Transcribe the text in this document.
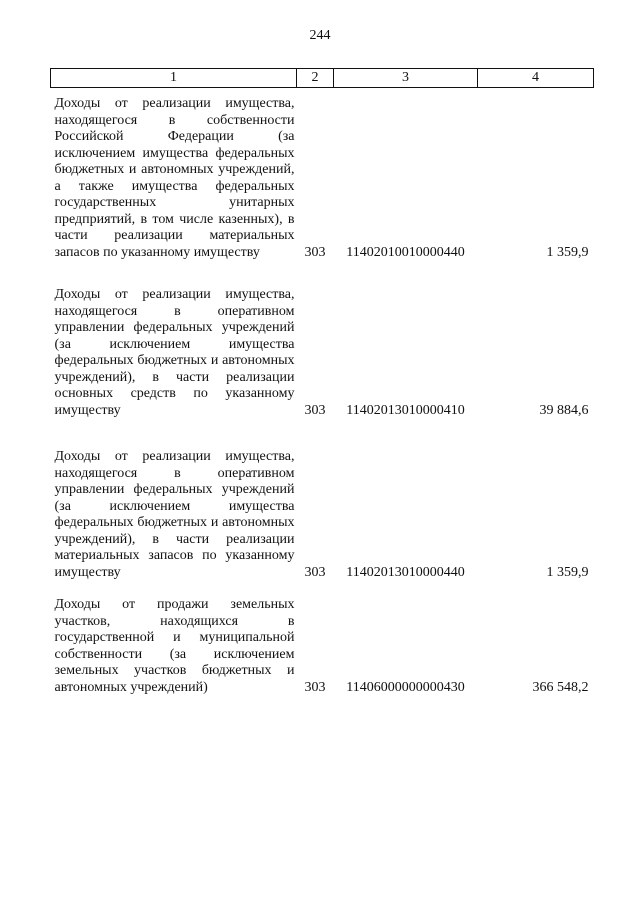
244
1	2	3	4
Доходы от реализации имущества, находящегося в собственности Российской Федерации (за исключением имущества федеральных бюджетных и автономных учреждений, а также имущества федеральных государственных унитарных предприятий, в том числе казенных), в части реализации материальных запасов по указанному имуществу	303	11402010010000440	1 359,9
Доходы от реализации имущества, находящегося в оперативном управлении федеральных учреждений (за исключением имущества федеральных бюджетных и автономных учреждений), в части реализации основных средств по указанному имуществу	303	11402013010000410	39 884,6
Доходы от реализации имущества, находящегося в оперативном управлении федеральных учреждений (за исключением имущества федеральных бюджетных и автономных учреждений), в части реализации материальных запасов по указанному имуществу	303	11402013010000440	1 359,9
Доходы от продажи земельных участков, находящихся в государственной и муниципальной собственности (за исключением земельных участков бюджетных и автономных учреждений)	303	11406000000000430	366 548,2
